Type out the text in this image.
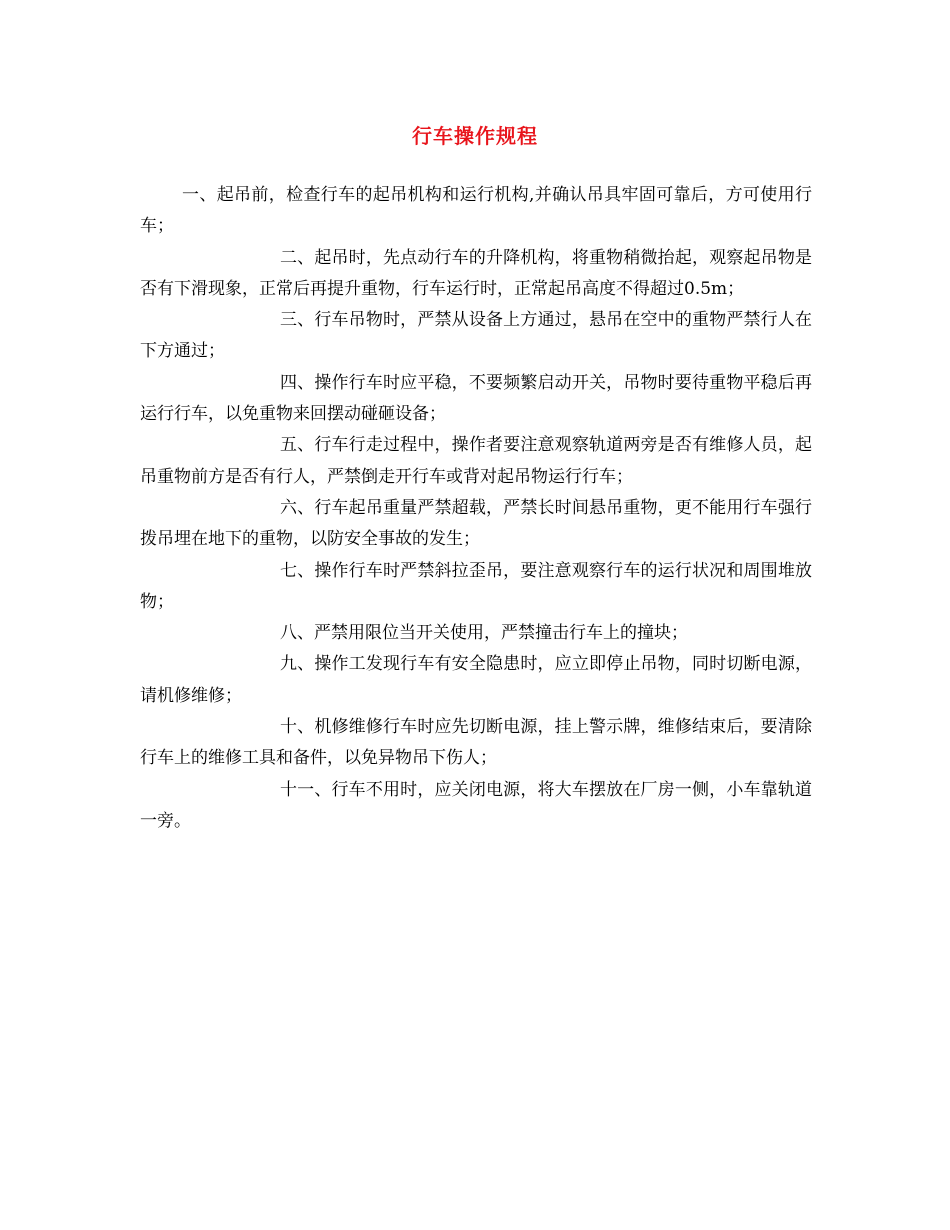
行车操作规程

一、起吊前，检查行车的起吊机构和运行机构,并确认吊具牢固可靠后，方可使用行车；

二、起吊时，先点动行车的升降机构，将重物稍微抬起，观察起吊物是否有下滑现象，正常后再提升重物，行车运行时，正常起吊高度不得超过0.5m；

三、行车吊物时，严禁从设备上方通过，悬吊在空中的重物严禁行人在下方通过；

四、操作行车时应平稳，不要频繁启动开关，吊物时要待重物平稳后再运行行车，以免重物来回摆动碰砸设备；

五、行车行走过程中，操作者要注意观察轨道两旁是否有维修人员，起吊重物前方是否有行人，严禁倒走开行车或背对起吊物运行行车；

六、行车起吊重量严禁超载，严禁长时间悬吊重物，更不能用行车强行拨吊埋在地下的重物，以防安全事故的发生；

七、操作行车时严禁斜拉歪吊，要注意观察行车的运行状况和周围堆放物；

八、严禁用限位当开关使用，严禁撞击行车上的撞块；

九、操作工发现行车有安全隐患时，应立即停止吊物，同时切断电源，请机修维修；

十、机修维修行车时应先切断电源，挂上警示牌，维修结束后，要清除行车上的维修工具和备件，以免异物吊下伤人；

十一、行车不用时，应关闭电源，将大车摆放在厂房一侧，小车靠轨道一旁。
